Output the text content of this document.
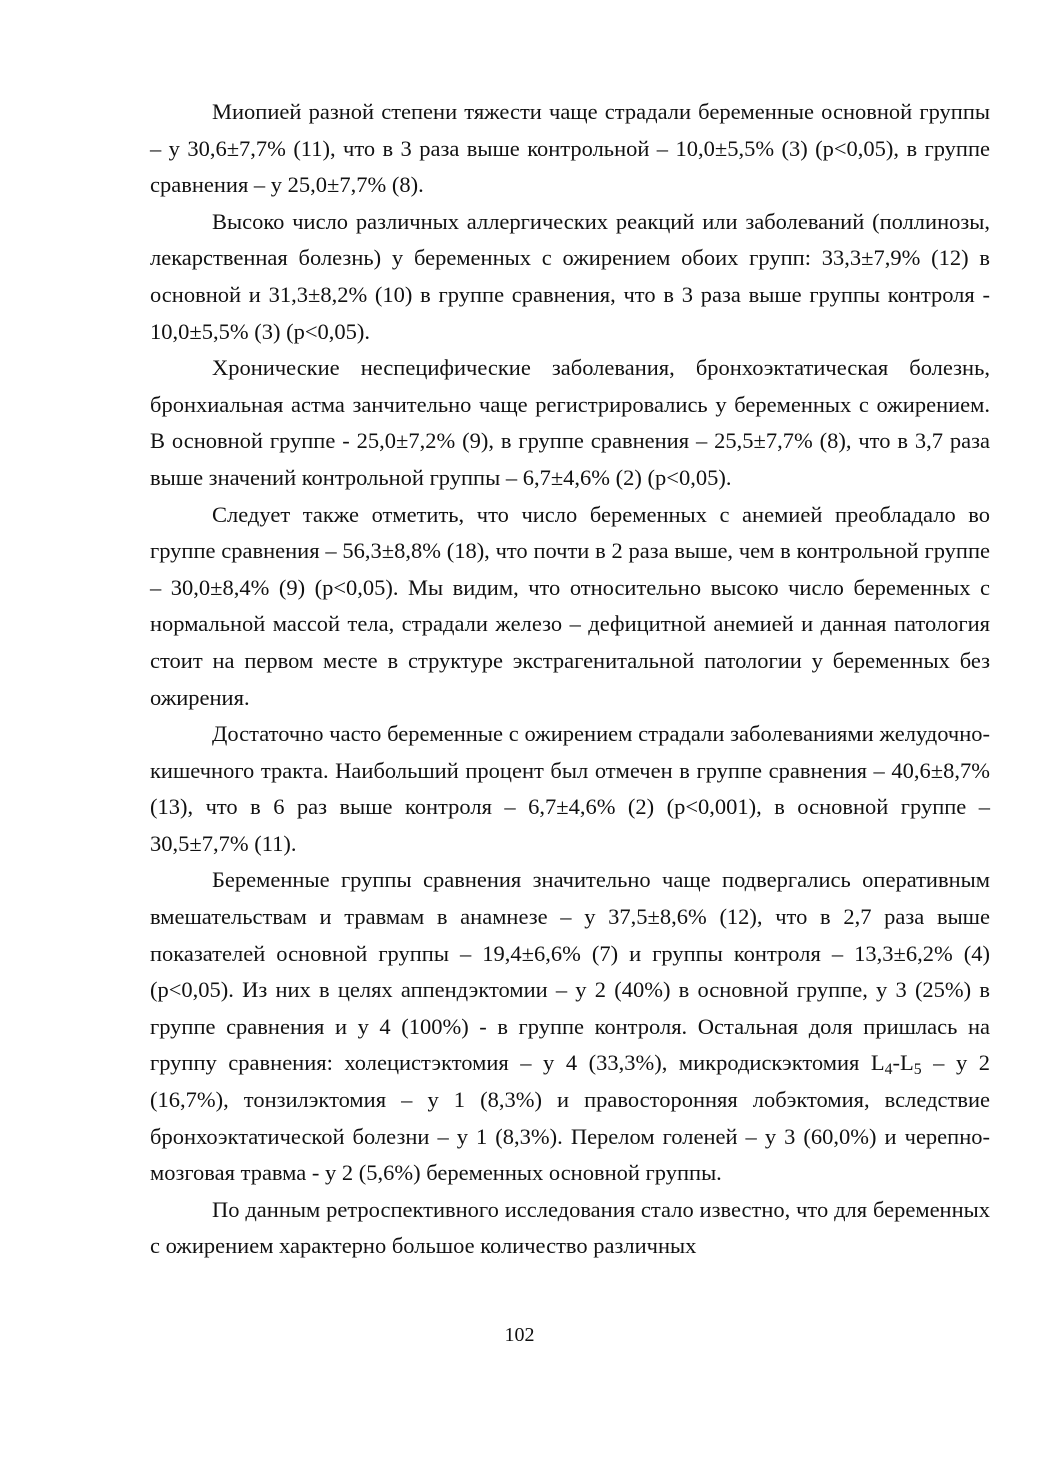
Миопией разной степени тяжести чаще страдали беременные основной группы – у 30,6±7,7% (11), что в 3 раза выше контрольной – 10,0±5,5% (3) (p<0,05), в группе сравнения – у 25,0±7,7% (8).

Высоко число различных аллергических реакций или заболеваний (поллинозы, лекарственная болезнь) у беременных с ожирением обоих групп: 33,3±7,9% (12) в основной и 31,3±8,2% (10) в группе сравнения, что в 3 раза выше группы контроля - 10,0±5,5% (3) (p<0,05).

Хронические неспецифические заболевания, бронхоэктатическая болезнь, бронхиальная астма занчительно чаще регистрировались у беременных с ожирением. В основной группе - 25,0±7,2% (9), в группе сравнения – 25,5±7,7% (8), что в 3,7 раза выше значений контрольной группы – 6,7±4,6% (2) (p<0,05).

Следует также отметить, что число беременных с анемией преобладало во группе сравнения – 56,3±8,8% (18), что почти в 2 раза выше, чем в контрольной группе – 30,0±8,4% (9) (p<0,05). Мы видим, что относительно высоко число беременных с нормальной массой тела, страдали железо – дефицитной анемией и данная патология стоит на первом месте в структуре экстрагенитальной патологии у беременных без ожирения.

Достаточно часто беременные с ожирением страдали заболеваниями желудочно-кишечного тракта. Наибольший процент был отмечен в группе сравнения – 40,6±8,7% (13), что в 6 раз выше контроля – 6,7±4,6% (2) (p<0,001), в основной группе – 30,5±7,7% (11).

Беременные группы сравнения значительно чаще подвергались оперативным вмешательствам и травмам в анамнезе – у 37,5±8,6% (12), что в 2,7 раза выше показателей основной группы – 19,4±6,6% (7) и группы контроля – 13,3±6,2% (4) (p<0,05). Из них в целях аппендэктомии – у 2 (40%) в основной группе, у 3 (25%) в группе сравнения и у 4 (100%) - в группе контроля. Остальная доля пришлась на группу сравнения: холецистэктомия – у 4 (33,3%), микродискэктомия $L_4-L_5$ – у 2 (16,7%), тонзилэктомия – у 1 (8,3%) и правосторонняя лобэктомия, вследствие бронхоэктатической болезни – у 1 (8,3%). Перелом голеней – у 3 (60,0%) и черепно-мозговая травма - у 2 (5,6%) беременных основной группы.

По данным ретроспективного исследования стало известно, что для беременных с ожирением характерно большое количество различных

102
